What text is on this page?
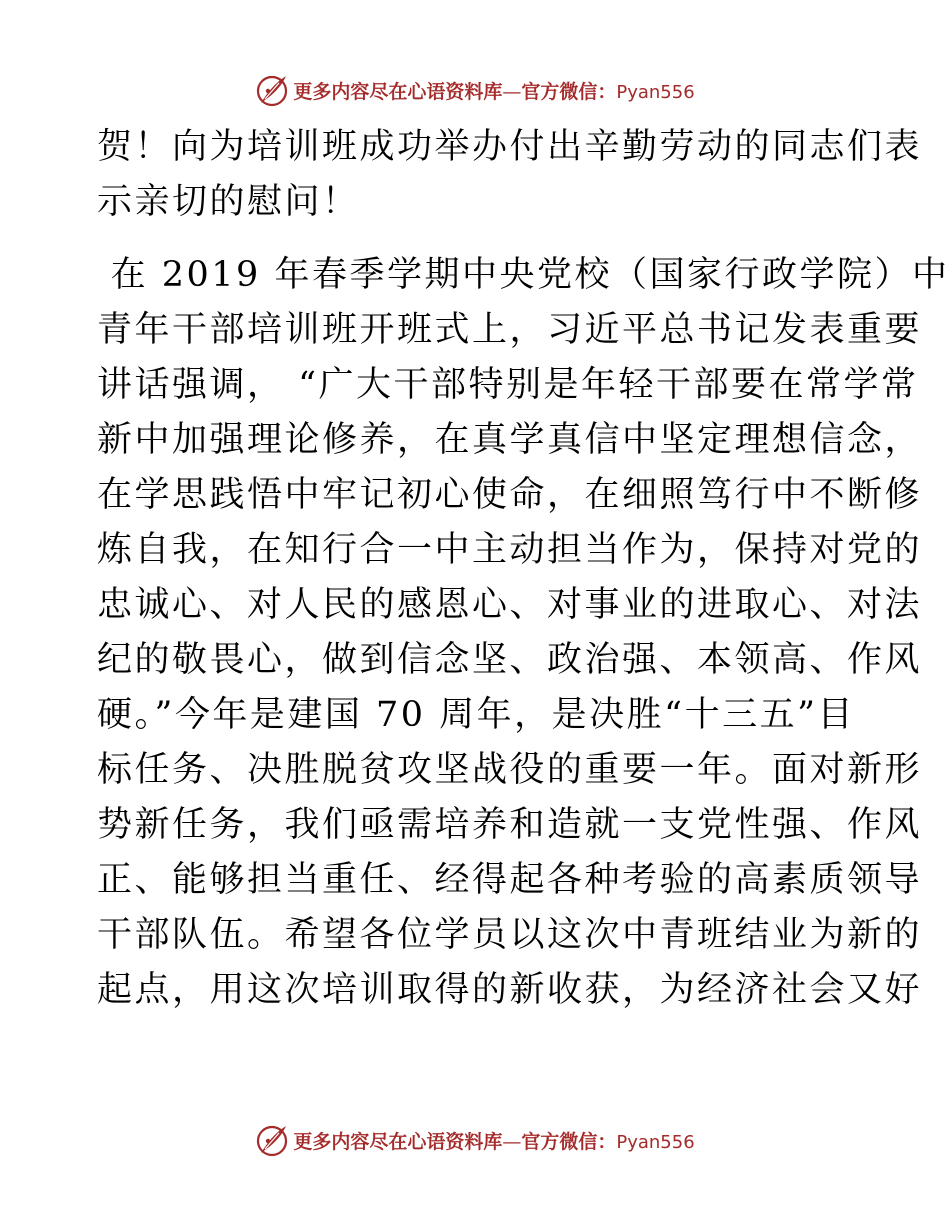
更多内容尽在心语资料库—官方微信：Pyan556
贺！向为培训班成功举办付出辛勤劳动的同志们表
示亲切的慰问！
在 2019 年春季学期中央党校（国家行政学院）中
青年干部培训班开班式上，习近平总书记发表重要
讲话强调， “广大干部特别是年轻干部要在常学常
新中加强理论修养，在真学真信中坚定理想信念，
在学思践悟中牢记初心使命，在细照笃行中不断修
炼自我，在知行合一中主动担当作为，保持对党的
忠诚心、对人民的感恩心、对事业的进取心、对法
纪的敬畏心，做到信念坚、政治强、本领高、作风
硬。”今年是建国 70 周年，是决胜“十三五”目
标任务、决胜脱贫攻坚战役的重要一年。面对新形
势新任务，我们亟需培养和造就一支党性强、作风
正、能够担当重任、经得起各种考验的高素质领导
干部队伍。希望各位学员以这次中青班结业为新的
起点，用这次培训取得的新收获，为经济社会又好
更多内容尽在心语资料库—官方微信：Pyan556
